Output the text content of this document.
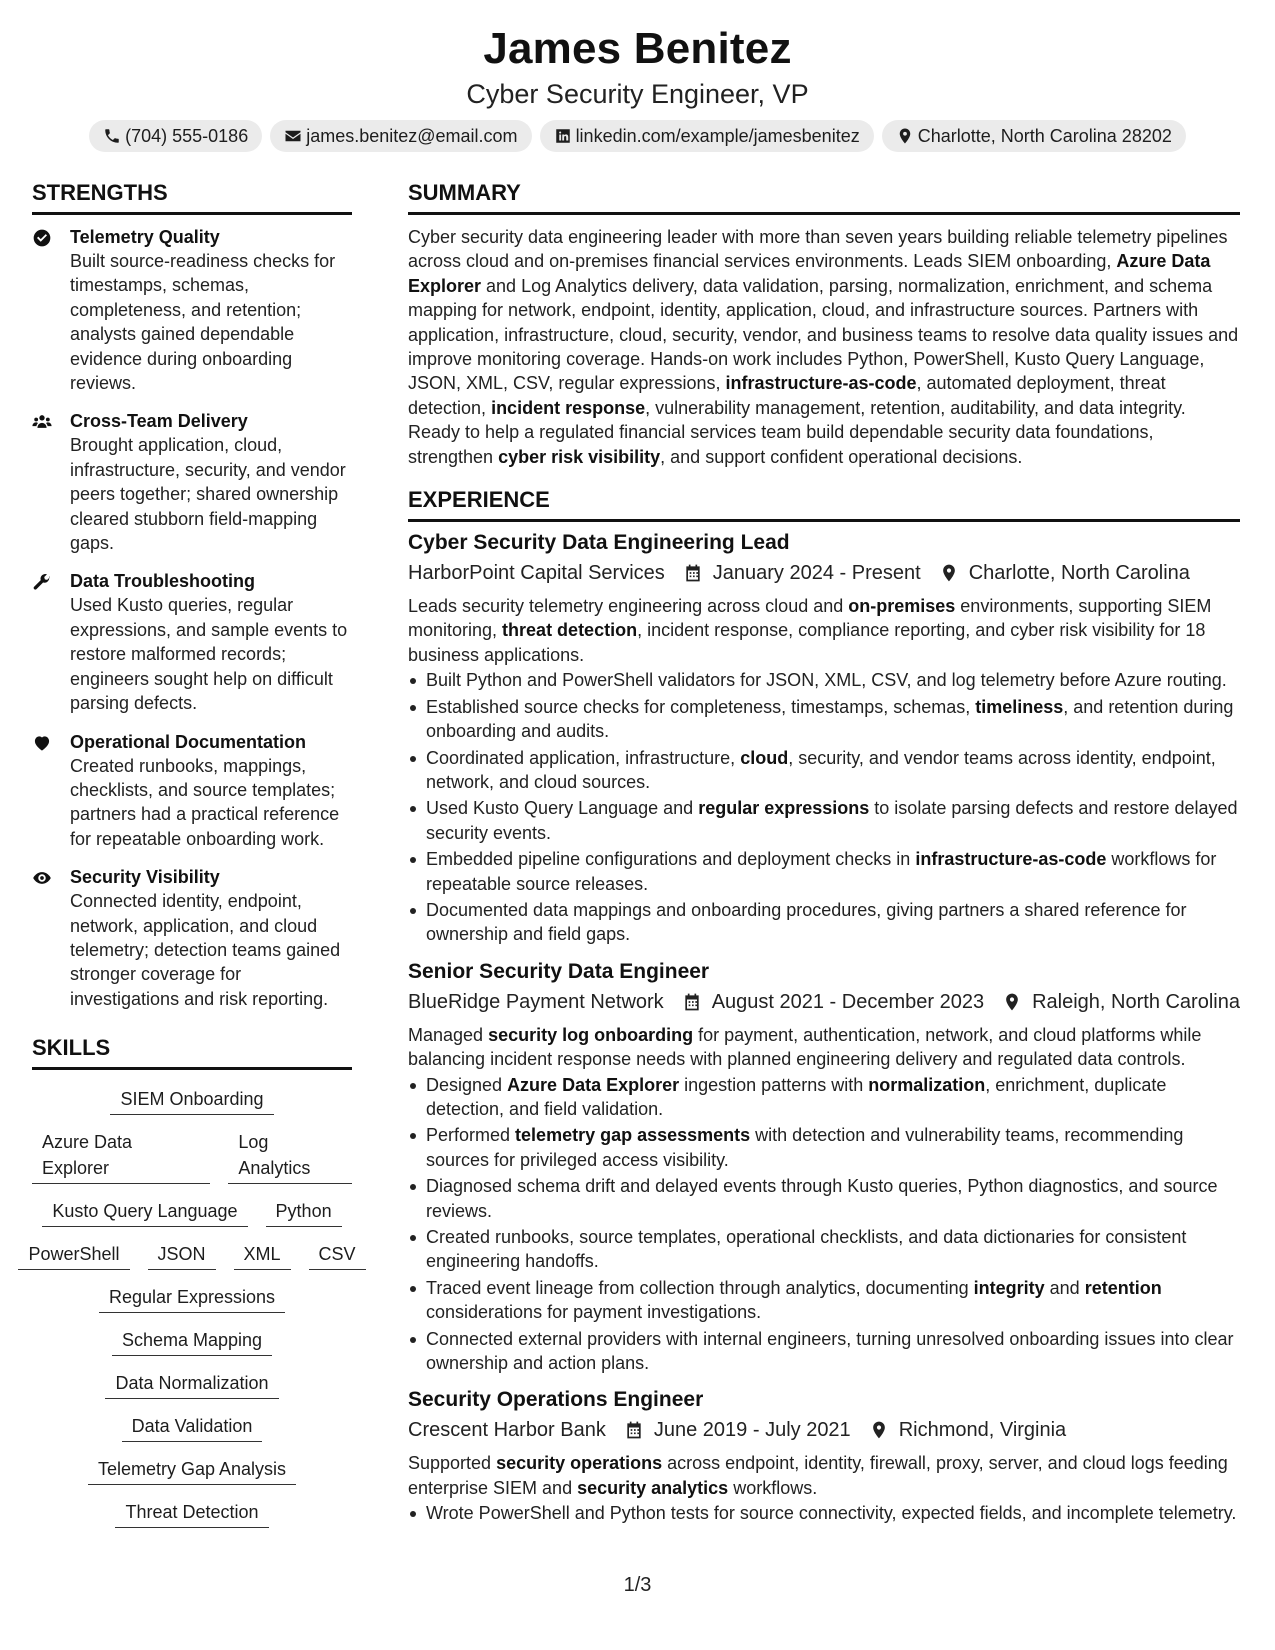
James Benitez
Cyber Security Engineer, VP
(704) 555-0186	james.benitez@email.com	linkedin.com/example/jamesbenitez	Charlotte, North Carolina 28202
STRENGTHS
Telemetry Quality
Built source-readiness checks for timestamps, schemas, completeness, and retention; analysts gained dependable evidence during onboarding reviews.
Cross-Team Delivery
Brought application, cloud, infrastructure, security, and vendor peers together; shared ownership cleared stubborn field-mapping gaps.
Data Troubleshooting
Used Kusto queries, regular expressions, and sample events to restore malformed records; engineers sought help on difficult parsing defects.
Operational Documentation
Created runbooks, mappings, checklists, and source templates; partners had a practical reference for repeatable onboarding work.
Security Visibility
Connected identity, endpoint, network, application, and cloud telemetry; detection teams gained stronger coverage for investigations and risk reporting.
SKILLS
SIEM Onboarding
Azure Data Explorer
Log Analytics
Kusto Query Language	Python
PowerShell	JSON	XML	CSV
Regular Expressions
Schema Mapping
Data Normalization
Data Validation
Telemetry Gap Analysis
Threat Detection
SUMMARY
Cyber security data engineering leader with more than seven years building reliable telemetry pipelines across cloud and on-premises financial services environments. Leads SIEM onboarding, Azure Data Explorer and Log Analytics delivery, data validation, parsing, normalization, enrichment, and schema mapping for network, endpoint, identity, application, cloud, and infrastructure sources. Partners with application, infrastructure, cloud, security, vendor, and business teams to resolve data quality issues and improve monitoring coverage. Hands-on work includes Python, PowerShell, Kusto Query Language, JSON, XML, CSV, regular expressions, infrastructure-as-code, automated deployment, threat detection, incident response, vulnerability management, retention, auditability, and data integrity. Ready to help a regulated financial services team build dependable security data foundations, strengthen cyber risk visibility, and support confident operational decisions.
EXPERIENCE
Cyber Security Data Engineering Lead
HarborPoint Capital Services January 2024 - Present Charlotte, North Carolina
Leads security telemetry engineering across cloud and on-premises environments, supporting SIEM monitoring, threat detection, incident response, compliance reporting, and cyber risk visibility for 18 business applications.
Built Python and PowerShell validators for JSON, XML, CSV, and log telemetry before Azure routing.
Established source checks for completeness, timestamps, schemas, timeliness, and retention during onboarding and audits.
Coordinated application, infrastructure, cloud, security, and vendor teams across identity, endpoint, network, and cloud sources.
Used Kusto Query Language and regular expressions to isolate parsing defects and restore delayed security events.
Embedded pipeline configurations and deployment checks in infrastructure-as-code workflows for repeatable source releases.
Documented data mappings and onboarding procedures, giving partners a shared reference for ownership and field gaps.
Senior Security Data Engineer
BlueRidge Payment Network August 2021 - December 2023 Raleigh, North Carolina
Managed security log onboarding for payment, authentication, network, and cloud platforms while balancing incident response needs with planned engineering delivery and regulated data controls.
Designed Azure Data Explorer ingestion patterns with normalization, enrichment, duplicate detection, and field validation.
Performed telemetry gap assessments with detection and vulnerability teams, recommending sources for privileged access visibility.
Diagnosed schema drift and delayed events through Kusto queries, Python diagnostics, and source reviews.
Created runbooks, source templates, operational checklists, and data dictionaries for consistent engineering handoffs.
Traced event lineage from collection through analytics, documenting integrity and retention considerations for payment investigations.
Connected external providers with internal engineers, turning unresolved onboarding issues into clear ownership and action plans.
Security Operations Engineer
Crescent Harbor Bank June 2019 - July 2021 Richmond, Virginia
Supported security operations across endpoint, identity, firewall, proxy, server, and cloud logs feeding enterprise SIEM and security analytics workflows.
Wrote PowerShell and Python tests for source connectivity, expected fields, and incomplete telemetry.
1/3
